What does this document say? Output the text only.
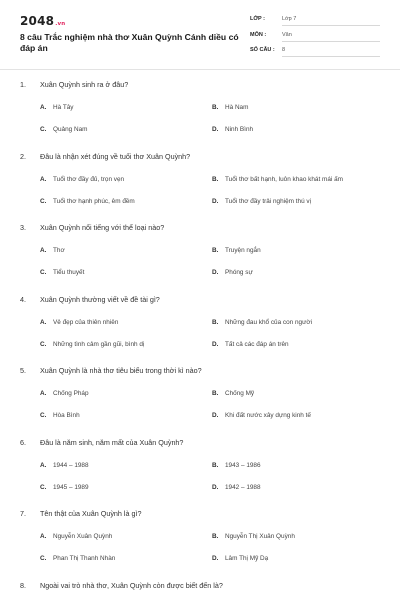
2048.vn
8 câu Trắc nghiệm nhà thơ Xuân Quỳnh Cánh diều có đáp án
LỚP :	Lớp 7
MÔN :	Văn
SỐ CÂU : 8
1. Xuân Quỳnh sinh ra ở đâu?
A. Hà Tây	B. Hà Nam
C. Quảng Nam	D. Ninh Bình
2. Đâu là nhận xét đúng về tuổi thơ Xuân Quỳnh?
A. Tuổi thơ đầy đủ, trọn vẹn	B. Tuổi thơ bất hạnh, luôn khao khát mái ấm
C. Tuổi thơ hạnh phúc, êm đềm	D. Tuổi thơ đầy trải nghiệm thú vị
3. Xuân Quỳnh nổi tiếng với thể loại nào?
A. Thơ	B. Truyện ngắn
C. Tiểu thuyết	D. Phóng sự
4. Xuân Quỳnh thường viết về đề tài gì?
A. Vẻ đẹp của thiên nhiên	B. Những đau khổ của con người
C. Những tình cảm gần gũi, bình dị	D. Tất cả các đáp án trên
5. Xuân Quỳnh là nhà thơ tiêu biểu trong thời kì nào?
A. Chống Pháp	B. Chống Mỹ
C. Hòa Bình	D. Khi đất nước xây dựng kinh tế
6. Đâu là năm sinh, năm mất của Xuân Quỳnh?
A. 1944 – 1988	B. 1943 – 1986
C. 1945 – 1989	D. 1942 – 1988
7. Tên thật của Xuân Quỳnh là gì?
A. Nguyễn Xuân Quỳnh	B. Nguyễn Thị Xuân Quỳnh
C. Phan Thị Thanh Nhàn	D. Lâm Thị Mỹ Dạ
8. Ngoài vai trò nhà thơ, Xuân Quỳnh còn được biết đến là?
